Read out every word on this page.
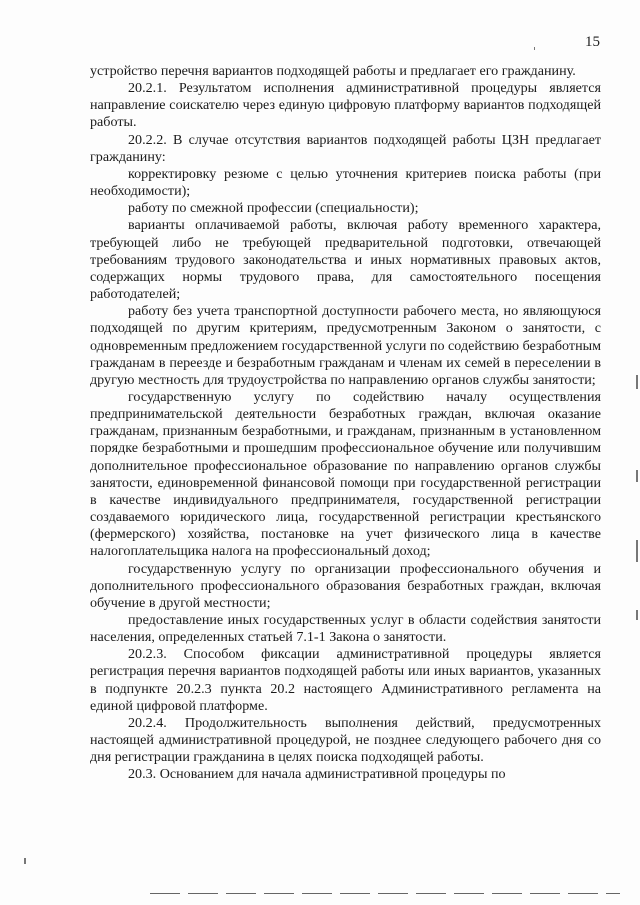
15

устройство перечня вариантов подходящей работы и предлагает его гражданину.

20.2.1. Результатом исполнения административной процедуры является направление соискателю через единую цифровую платформу вариантов подходящей работы.

20.2.2. В случае отсутствия вариантов подходящей работы ЦЗН предлагает гражданину:

корректировку резюме с целью уточнения критериев поиска работы (при необходимости);

работу по смежной профессии (специальности);

варианты оплачиваемой работы, включая работу временного характера, требующей либо не требующей предварительной подготовки, отвечающей требованиям трудового законодательства и иных нормативных правовых актов, содержащих нормы трудового права, для самостоятельного посещения работодателей;

работу без учета транспортной доступности рабочего места, но являющуюся подходящей по другим критериям, предусмотренным Законом о занятости, с одновременным предложением государственной услуги по содействию безработным гражданам в переезде и безработным гражданам и членам их семей в переселении в другую местность для трудоустройства по направлению органов службы занятости;

государственную услугу по содействию началу осуществления предпринимательской деятельности безработных граждан, включая оказание гражданам, признанным безработными, и гражданам, признанным в установленном порядке безработными и прошедшим профессиональное обучение или получившим дополнительное профессиональное образование по направлению органов службы занятости, единовременной финансовой помощи при государственной регистрации в качестве индивидуального предпринимателя, государственной регистрации создаваемого юридического лица, государственной регистрации крестьянского (фермерского) хозяйства, постановке на учет физического лица в качестве налогоплательщика налога на профессиональный доход;

государственную услугу по организации профессионального обучения и дополнительного профессионального образования безработных граждан, включая обучение в другой местности;

предоставление иных государственных услуг в области содействия занятости населения, определенных статьей 7.1-1 Закона о занятости.

20.2.3. Способом фиксации административной процедуры является регистрация перечня вариантов подходящей работы или иных вариантов, указанных в подпункте 20.2.3 пункта 20.2 настоящего Административного регламента на единой цифровой платформе.

20.2.4. Продолжительность выполнения действий, предусмотренных настоящей административной процедурой, не позднее следующего рабочего дня со дня регистрации гражданина в целях поиска подходящей работы.

20.3. Основанием для начала административной процедуры по
